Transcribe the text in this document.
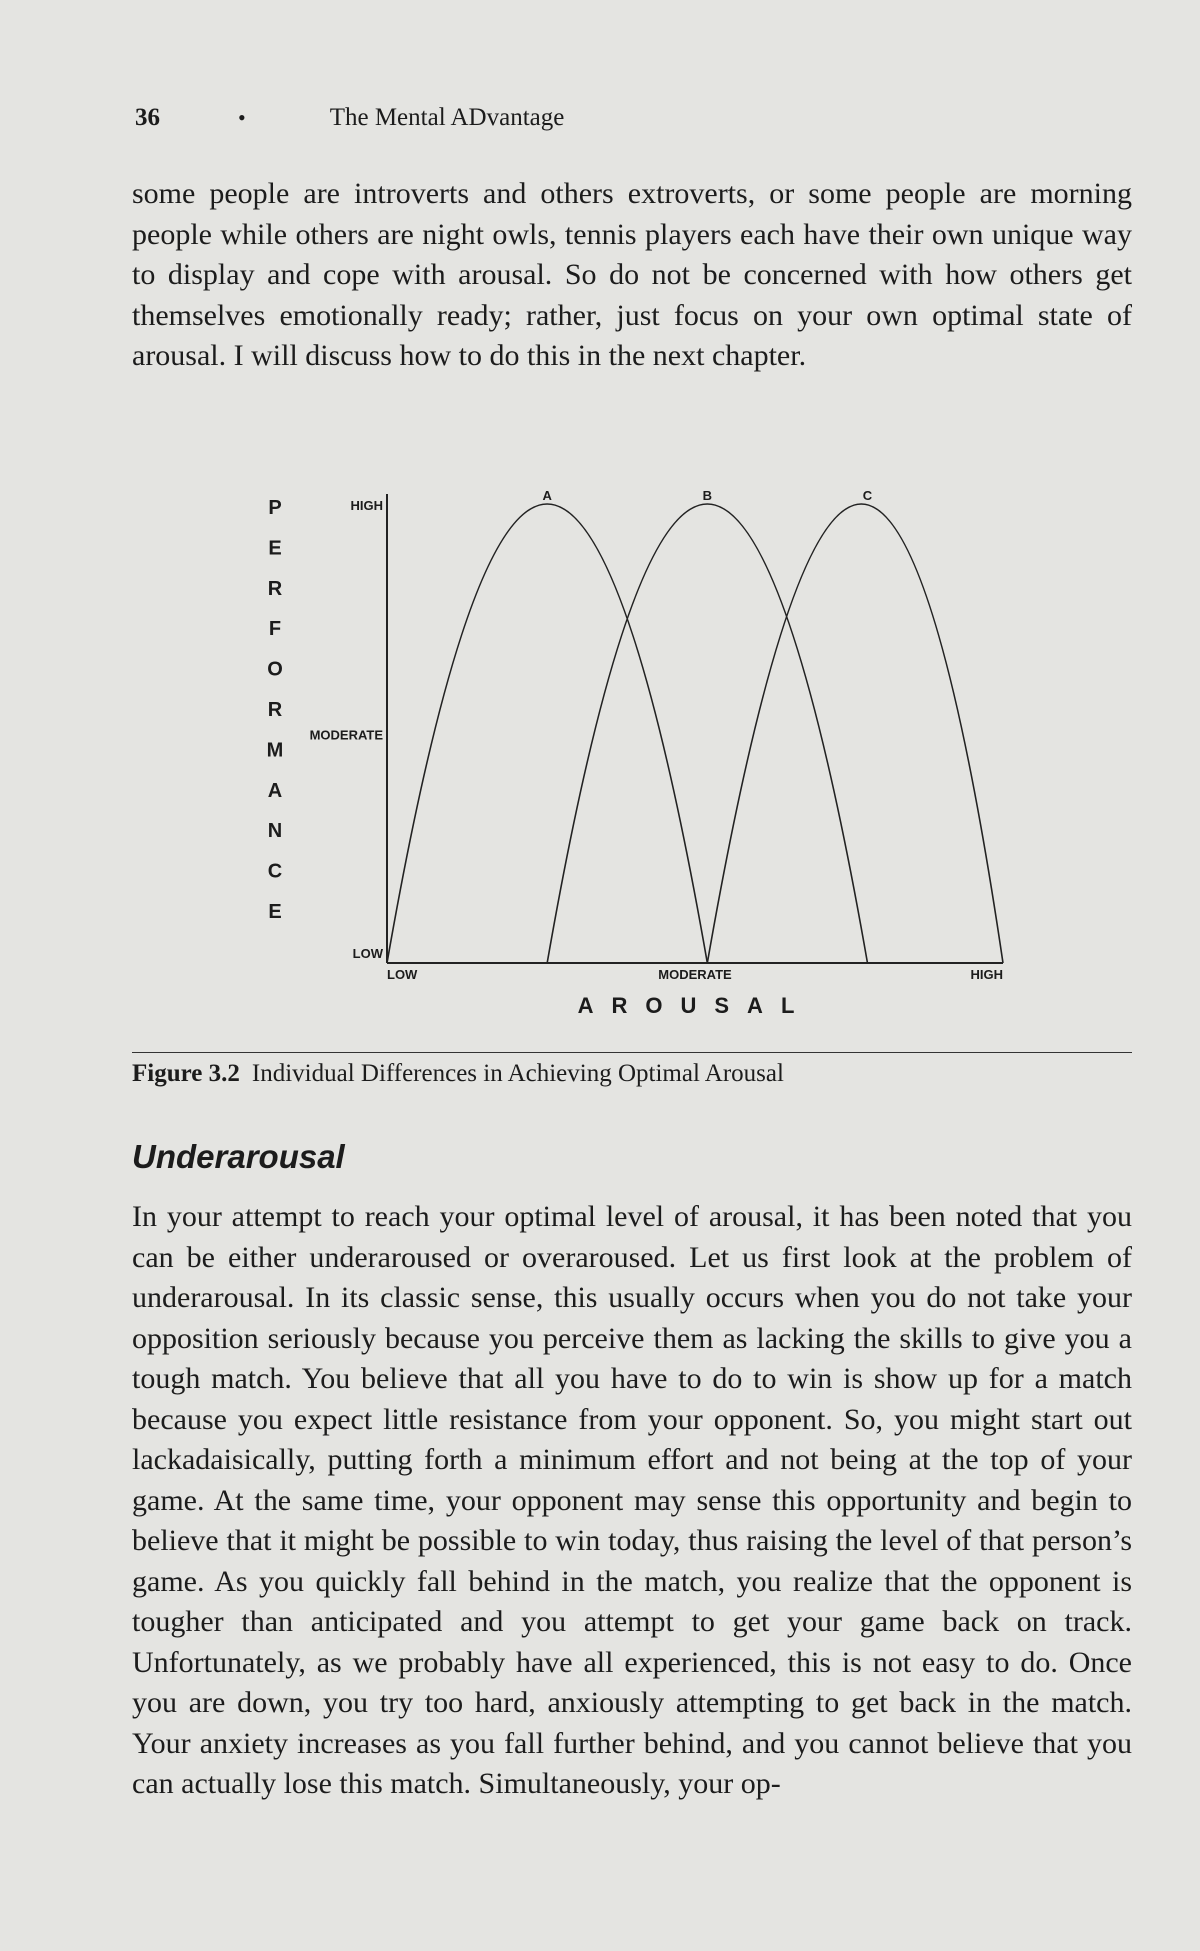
36	•	The Mental ADvantage

some people are introverts and others extroverts, or some people are morning people while others are night owls, tennis players each have their own unique way to display and cope with arousal. So do not be concerned with how others get themselves emotionally ready; rather, just focus on your own optimal state of arousal. I will discuss how to do this in the next chapter.

A	B	C
HIGH
MODERATE
LOW
LOW	MODERATE	HIGH
AROUSAL
P
E
R
F
O
R
M
A
N
C
E
Figure 3.2 Individual Differences in Achieving Optimal Arousal
Underarousal

In your attempt to reach your optimal level of arousal, it has been noted that you can be either underaroused or overaroused. Let us first look at the problem of underarousal. In its classic sense, this usually occurs when you do not take your opposition seriously because you perceive them as lacking the skills to give you a tough match. You believe that all you have to do to win is show up for a match because you expect little resistance from your opponent. So, you might start out lackadaisically, putting forth a minimum effort and not being at the top of your game. At the same time, your opponent may sense this opportunity and begin to believe that it might be possible to win today, thus raising the level of that person’s game. As you quickly fall behind in the match, you realize that the opponent is tougher than anticipated and you attempt to get your game back on track. Unfortunately, as we probably have all experienced, this is not easy to do. Once you are down, you try too hard, anxiously attempting to get back in the match. Your anxiety increases as you fall further behind, and you cannot believe that you can actually lose this match. Simultaneously, your op-
